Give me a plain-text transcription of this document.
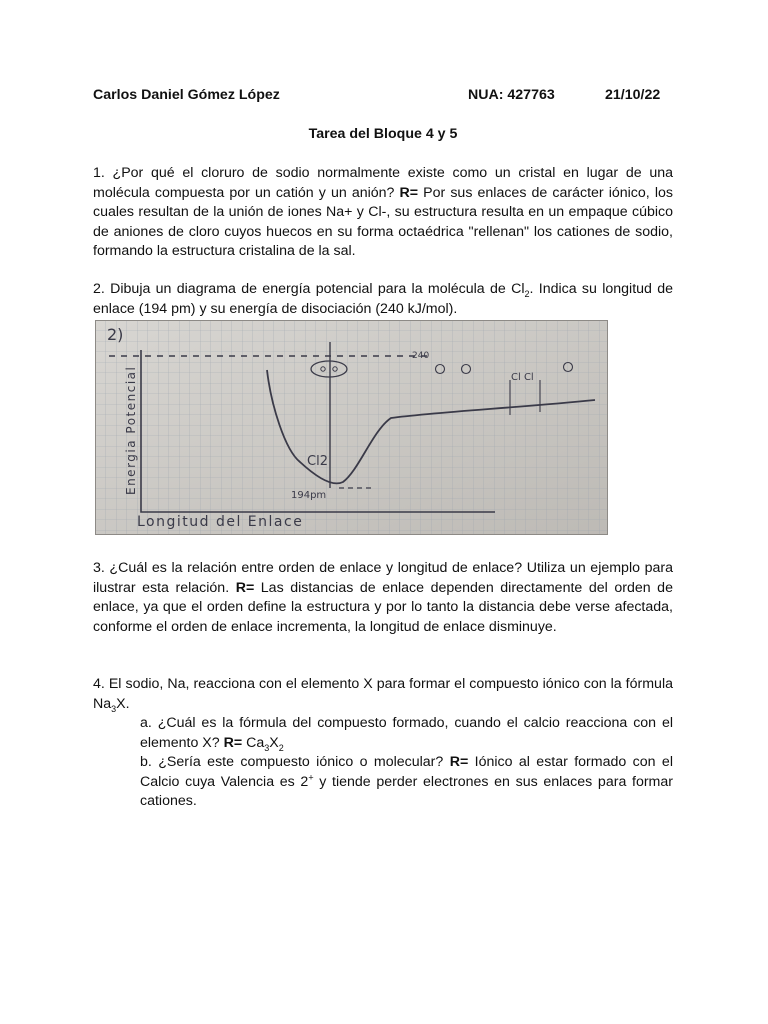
Carlos Daniel Gómez López	NUA: 427763	21/10/22
Tarea del Bloque 4 y 5
1. ¿Por qué el cloruro de sodio normalmente existe como un cristal en lugar de una molécula compuesta por un catión y un anión? R= Por sus enlaces de carácter iónico, los cuales resultan de la unión de iones Na+ y Cl-, su estructura resulta en un empaque cúbico de aniones de cloro cuyos huecos en su forma octaédrica "rellenan" los cationes de sodio, formando la estructura cristalina de la sal.
2. Dibuja un diagrama de energía potencial para la molécula de $Cl_2$. Indica su longitud de enlace (194 pm) y su energía de disociación (240 kJ/mol).
2)
240
Cl Cl
Cl2
194pm
Longitud del Enlace
Energia Potencial
3. ¿Cuál es la relación entre orden de enlace y longitud de enlace? Utiliza un ejemplo para ilustrar esta relación. R= Las distancias de enlace dependen directamente del orden de enlace, ya que el orden define la estructura y por lo tanto la distancia debe verse afectada, conforme el orden de enlace incrementa, la longitud de enlace disminuye.
4. El sodio, Na, reacciona con el elemento X para formar el compuesto iónico con la fórmula $Na_3X$.
a. ¿Cuál es la fórmula del compuesto formado, cuando el calcio reacciona con el elemento X? $R= Ca_3X_2$
b. ¿Sería este compuesto iónico o molecular? R= Iónico al estar formado con el Calcio cuya Valencia es 2+ y tiende perder electrones en sus enlaces para formar cationes.
